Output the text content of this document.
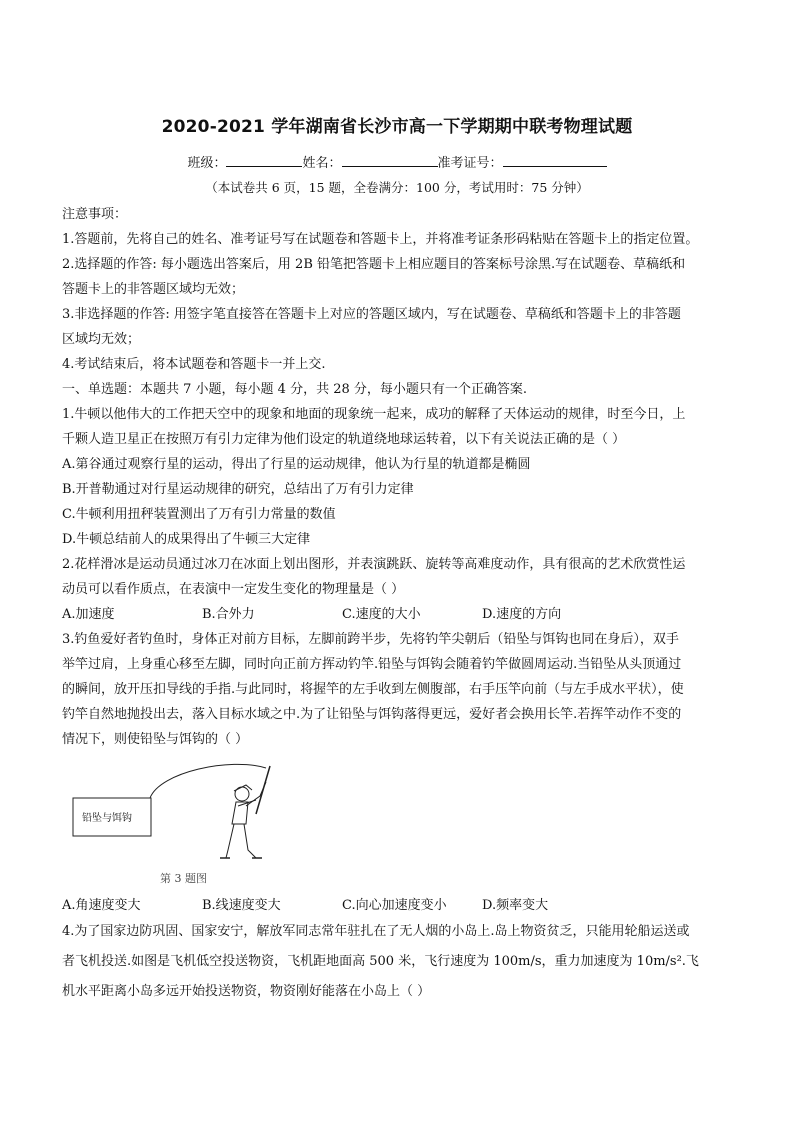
2020-2021 学年湖南省长沙市高一下学期期中联考物理试题
班级：	姓名：	准考证号：
（本试卷共 6 页，15 题，全卷满分：100 分，考试用时：75 分钟）
注意事项：
1.答题前，先将自己的姓名、准考证号写在试题卷和答题卡上，并将准考证条形码粘贴在答题卡上的指定位置。
2.选择题的作答: 每小题选出答案后，用 2B 铅笔把答题卡上相应题目的答案标号涂黑.写在试题卷、草稿纸和
答题卡上的非答题区域均无效；
3.非选择题的作答: 用签字笔直接答在答题卡上对应的答题区域内，写在试题卷、草稿纸和答题卡上的非答题
区域均无效；
4.考试结束后，将本试题卷和答题卡一并上交.
一、单选题：本题共 7 小题，每小题 4 分，共 28 分，每小题只有一个正确答案.
1.牛顿以他伟大的工作把天空中的现象和地面的现象统一起来，成功的解释了天体运动的规律，时至今日，上
千颗人造卫星正在按照万有引力定律为他们设定的轨道绕地球运转着，以下有关说法正确的是（ ）
A.第谷通过观察行星的运动，得出了行星的运动规律，他认为行星的轨道都是椭圆
B.开普勒通过对行星运动规律的研究，总结出了万有引力定律
C.牛顿利用扭秤装置测出了万有引力常量的数值
D.牛顿总结前人的成果得出了牛顿三大定律
2.花样滑冰是运动员通过冰刀在冰面上划出图形，并表演跳跃、旋转等高难度动作，具有很高的艺术欣赏性运
动员可以看作质点，在表演中一定发生变化的物理量是（ ）
A.加速度	B.合外力	C.速度的大小	D.速度的方向
3.钓鱼爱好者钓鱼时，身体正对前方目标，左脚前跨半步，先将钓竿尖朝后（铅坠与饵钩也同在身后），双手
举竿过肩，上身重心移至左脚，同时向正前方挥动钓竿.铅坠与饵钩会随着钓竿做圆周运动.当铅坠从头顶通过
的瞬间，放开压扣导线的手指.与此同时，将握竿的左手收到左侧腹部，右手压竿向前（与左手成水平状），使
钓竿自然地抛投出去，落入目标水域之中.为了让铅坠与饵钩落得更远，爱好者会换用长竿.若挥竿动作不变的
情况下，则使铅坠与饵钩的（ ）
铅坠与饵钩
第 3 题图
A.角速度变大	B.线速度变大	C.向心加速度变小	D.频率变大
4.为了国家边防巩固、国家安宁，解放军同志常年驻扎在了无人烟的小岛上.岛上物资贫乏，只能用轮船运送或
者飞机投送.如图是飞机低空投送物资，飞机距地面高 500 米，飞行速度为 100m/s，重力加速度为 10m/s².飞
机水平距离小岛多远开始投送物资，物资刚好能落在小岛上（ ）
